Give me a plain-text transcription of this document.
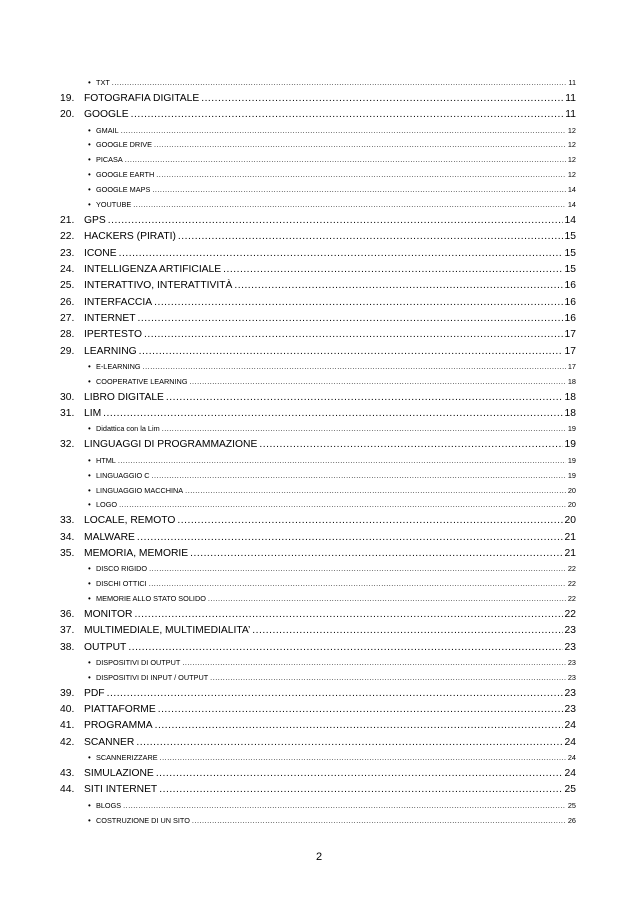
• TXT .....	11
19. FOTOGRAFIA DIGITALE .....	11
20. GOOGLE .....	11
• GMAIL .....	12
• GOOGLE DRIVE .....	12
• PICASA .....	12
• GOOGLE EARTH .....	12
• GOOGLE MAPS .....	14
• YOUTUBE .....	14
21. GPS .....	14
22. HACKERS (PIRATI) .....	15
23. ICONE .....	15
24. INTELLIGENZA ARTIFICIALE .....	15
25. INTERATTIVO, INTERATTIVITÀ .....	16
26. INTERFACCIA .....	16
27. INTERNET .....	16
28. IPERTESTO .....	17
29. LEARNING .....	17
• E-LEARNING .....	17
• COOPERATIVE LEARNING .....	18
30. LIBRO DIGITALE .....	18
31. LIM .....	18
• Didattica con la Lim .....	19
32. LINGUAGGI DI PROGRAMMAZIONE .....	19
• HTML .....	19
• LINGUAGGIO C .....	19
• LINGUAGGIO MACCHINA .....	20
• LOGO .....	20
33. LOCALE, REMOTO .....	20
34. MALWARE .....	21
35. MEMORIA, MEMORIE .....	21
• DISCO RIGIDO .....	22
• DISCHI OTTICI .....	22
• MEMORIE ALLO STATO SOLIDO .....	22
36. MONITOR .....	22
37. MULTIMEDIALE, MULTIMEDIALITA’ .....	23
38. OUTPUT .....	23
• DISPOSITIVI DI OUTPUT .....	23
• DISPOSITIVI DI INPUT / OUTPUT .....	23
39. PDF .....	23
40. PIATTAFORME .....	23
41. PROGRAMMA .....	24
42. SCANNER .....	24
• SCANNERIZZARE .....	24
43. SIMULAZIONE .....	24
44. SITI INTERNET .....	25
• BLOGS .....	25
• COSTRUZIONE DI UN SITO .....	26
2
